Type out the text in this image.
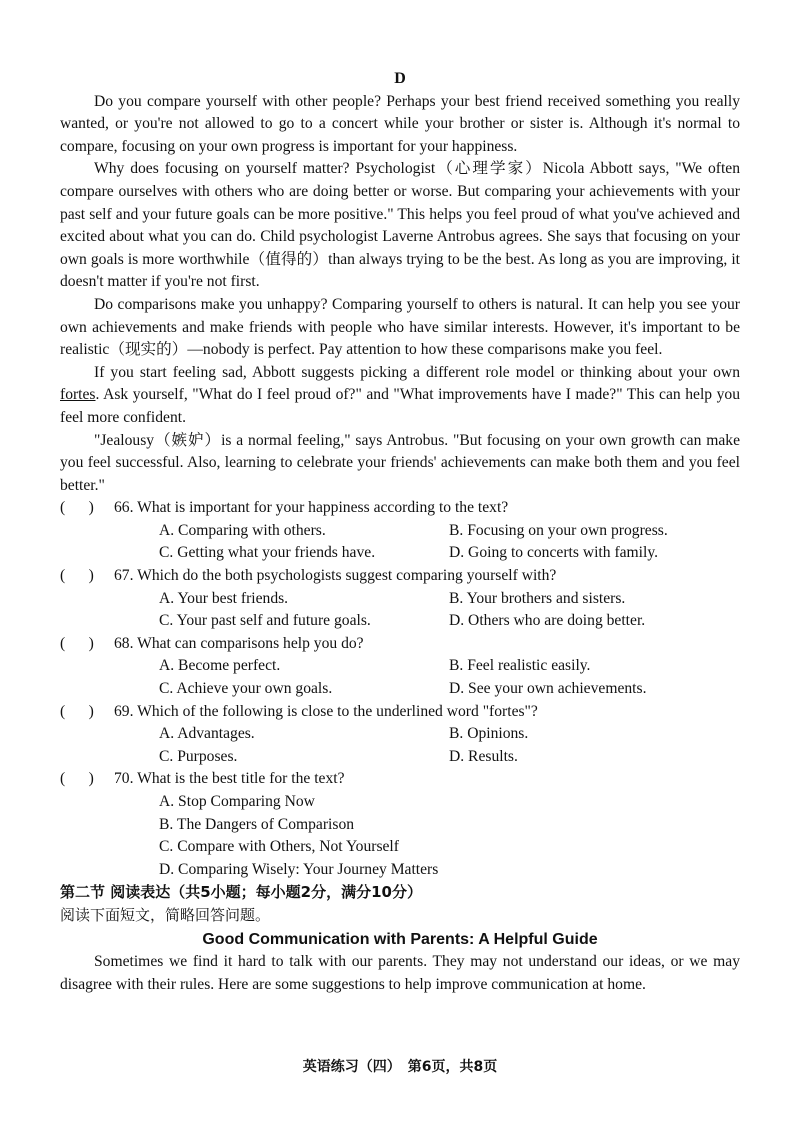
D

Do you compare yourself with other people? Perhaps your best friend received something you really wanted, or you're not allowed to go to a concert while your brother or sister is. Although it's normal to compare, focusing on your own progress is important for your happiness.

Why does focusing on yourself matter? Psychologist（心理学家）Nicola Abbott says, "We often compare ourselves with others who are doing better or worse. But comparing your achievements with your past self and your future goals can be more positive." This helps you feel proud of what you've achieved and excited about what you can do. Child psychologist Laverne Antrobus agrees. She says that focusing on your own goals is more worthwhile（值得的）than always trying to be the best. As long as you are improving, it doesn't matter if you're not first.

Do comparisons make you unhappy? Comparing yourself to others is natural. It can help you see your own achievements and make friends with people who have similar interests. However, it's important to be realistic（现实的）—nobody is perfect. Pay attention to how these comparisons make you feel.

If you start feeling sad, Abbott suggests picking a different role model or thinking about your own fortes. Ask yourself, "What do I feel proud of?" and "What improvements have I made?" This can help you feel more confident.

"Jealousy（嫉妒）is a normal feeling," says Antrobus. "But focusing on your own growth can make you feel successful. Also, learning to celebrate your friends' achievements can make both them and you feel better."

(      )	66. What is important for your happiness according to the text?
A. Comparing with others.	B. Focusing on your own progress.
C. Getting what your friends have.	D. Going to concerts with family.
(      )	67. Which do the both psychologists suggest comparing yourself with?
A. Your best friends.	B. Your brothers and sisters.
C. Your past self and future goals.	D. Others who are doing better.
(      )	68. What can comparisons help you do?
A. Become perfect.	B. Feel realistic easily.
C. Achieve your own goals.	D. See your own achievements.
(      )	69. Which of the following is close to the underlined word "fortes"?
A. Advantages.	B. Opinions.
C. Purposes.	D. Results.
(      )	70. What is the best title for the text?
A. Stop Comparing Now
B. The Dangers of Comparison
C. Compare with Others, Not Yourself
D. Comparing Wisely: Your Journey Matters
第二节 阅读表达（共5小题；每小题2分，满分10分）
阅读下面短文，简略回答问题。
Good Communication with Parents: A Helpful Guide

Sometimes we find it hard to talk with our parents. They may not understand our ideas, or we may disagree with their rules. Here are some suggestions to help improve communication at home.

英语练习（四）　第6页，共8页
